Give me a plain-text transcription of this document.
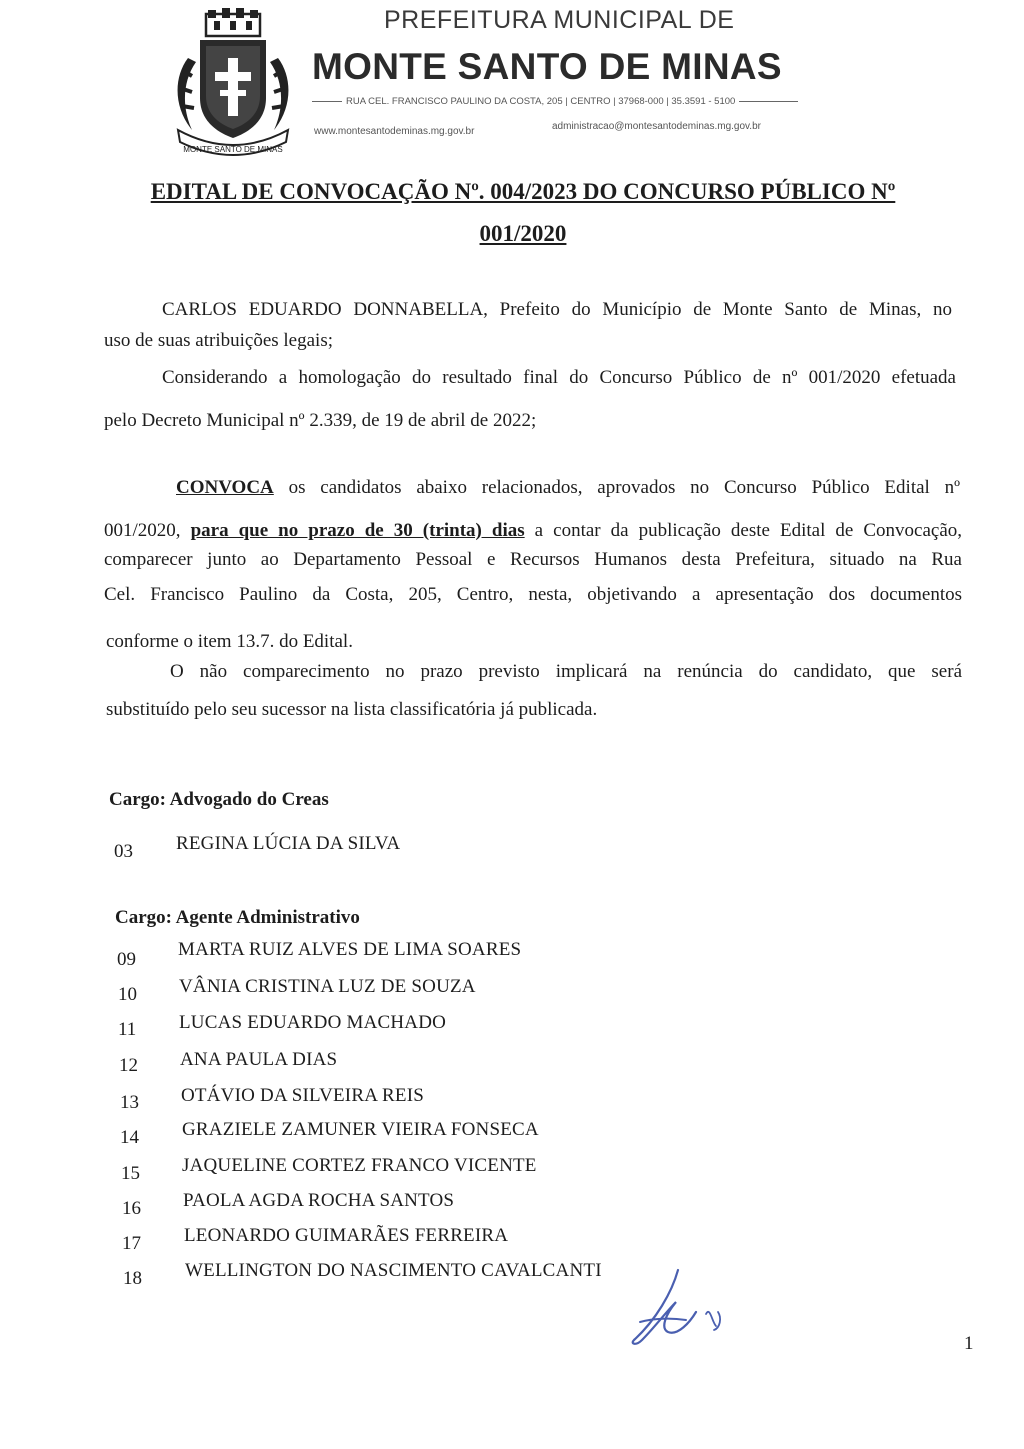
MONTE SANTO DE MINAS
PREFEITURA MUNICIPAL DE
MONTE SANTO DE MINAS
RUA CEL. FRANCISCO PAULINO DA COSTA, 205 | CENTRO | 37968-000 | 35.3591 - 5100
www.montesantodeminas.mg.gov.br	administracao@montesantodeminas.mg.gov.br
EDITAL DE CONVOCAÇÃO Nº. 004/2023 DO CONCURSO PÚBLICO Nº
001/2020
CARLOS EDUARDO DONNABELLA, Prefeito do Município de Monte Santo de Minas, no
uso de suas atribuições legais;
Considerando a homologação do resultado final do Concurso Público de nº 001/2020 efetuada
pelo Decreto Municipal nº 2.339, de 19 de abril de 2022;
CONVOCA os candidatos abaixo relacionados, aprovados no Concurso Público Edital nº
001/2020, para que no prazo de 30 (trinta) dias a contar da publicação deste Edital de Convocação,
comparecer junto ao Departamento Pessoal e Recursos Humanos desta Prefeitura, situado na Rua
Cel. Francisco Paulino da Costa, 205, Centro, nesta, objetivando a apresentação dos documentos
conforme o item 13.7. do Edital.
O não comparecimento no prazo previsto implicará na renúncia do candidato, que será
substituído pelo seu sucessor na lista classificatória já publicada.
Cargo: Advogado do Creas
03 REGINA LÚCIA DA SILVA
Cargo: Agente Administrativo
09 MARTA RUIZ ALVES DE LIMA SOARES
10 VÂNIA CRISTINA LUZ DE SOUZA
11 LUCAS EDUARDO MACHADO
12 ANA PAULA DIAS
13 OTÁVIO DA SILVEIRA REIS
14 GRAZIELE ZAMUNER VIEIRA FONSECA
15 JAQUELINE CORTEZ FRANCO VICENTE
16 PAOLA AGDA ROCHA SANTOS
17 LEONARDO GUIMARÃES FERREIRA
18 WELLINGTON DO NASCIMENTO CAVALCANTI
1
